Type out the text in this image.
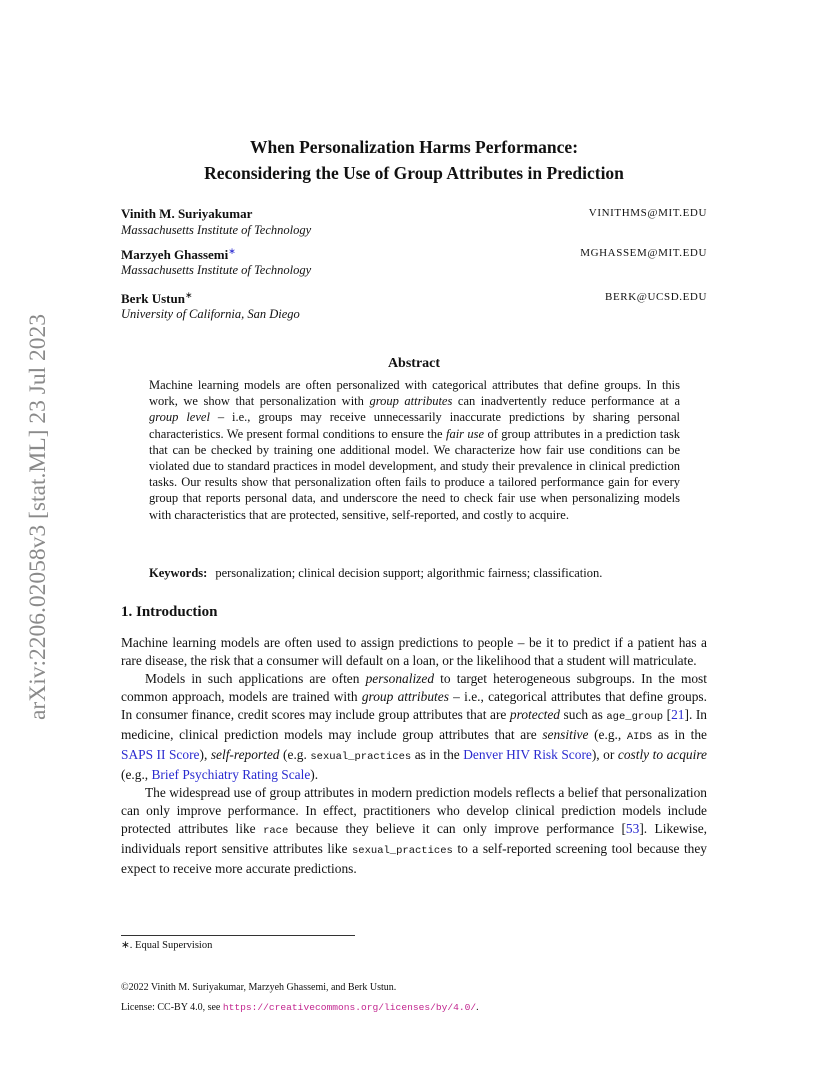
arXiv:2206.02058v3 [stat.ML] 23 Jul 2023
When Personalization Harms Performance:
Reconsidering the Use of Group Attributes in Prediction
Vinith M. Suriyakumar	VINITHMS@MIT.EDU
Massachusetts Institute of Technology
Marzyeh Ghassemi∗	MGHASSEM@MIT.EDU
Massachusetts Institute of Technology
Berk Ustun∗	BERK@UCSD.EDU
University of California, San Diego
Abstract
Machine learning models are often personalized with categorical attributes that define groups. In this work, we show that personalization with group attributes can inadvertently reduce performance at a group level – i.e., groups may receive unnecessarily inaccurate predictions by sharing personal characteristics. We present formal conditions to ensure the fair use of group attributes in a prediction task that can be checked by training one additional model. We characterize how fair use conditions can be violated due to standard practices in model development, and study their prevalence in clinical prediction tasks. Our results show that personalization often fails to produce a tailored performance gain for every group that reports personal data, and underscore the need to check fair use when personalizing models with characteristics that are protected, sensitive, self-reported, and costly to acquire.
Keywords: personalization; clinical decision support; algorithmic fairness; classification.
1. Introduction

Machine learning models are often used to assign predictions to people – be it to predict if a patient has a rare disease, the risk that a consumer will default on a loan, or the likelihood that a student will matriculate.

Models in such applications are often personalized to target heterogeneous subgroups. In the most common approach, models are trained with group attributes – i.e., categorical attributes that define groups. In consumer finance, credit scores may include group attributes that are protected such as age_group [21]. In medicine, clinical prediction models may include group attributes that are sensitive (e.g., AIDS as in the SAPS II Score), self-reported (e.g. sexual_practices as in the Denver HIV Risk Score), or costly to acquire (e.g., Brief Psychiatry Rating Scale).

The widespread use of group attributes in modern prediction models reflects a belief that personalization can only improve performance. In effect, practitioners who develop clinical prediction models include protected attributes like race because they believe it can only improve performance [53]. Likewise, individuals report sensitive attributes like sexual_practices to a self-reported screening tool because they expect to receive more accurate predictions.

∗. Equal Supervision
©2022 Vinith M. Suriyakumar, Marzyeh Ghassemi, and Berk Ustun.
License: CC-BY 4.0, see https://creativecommons.org/licenses/by/4.0/.
